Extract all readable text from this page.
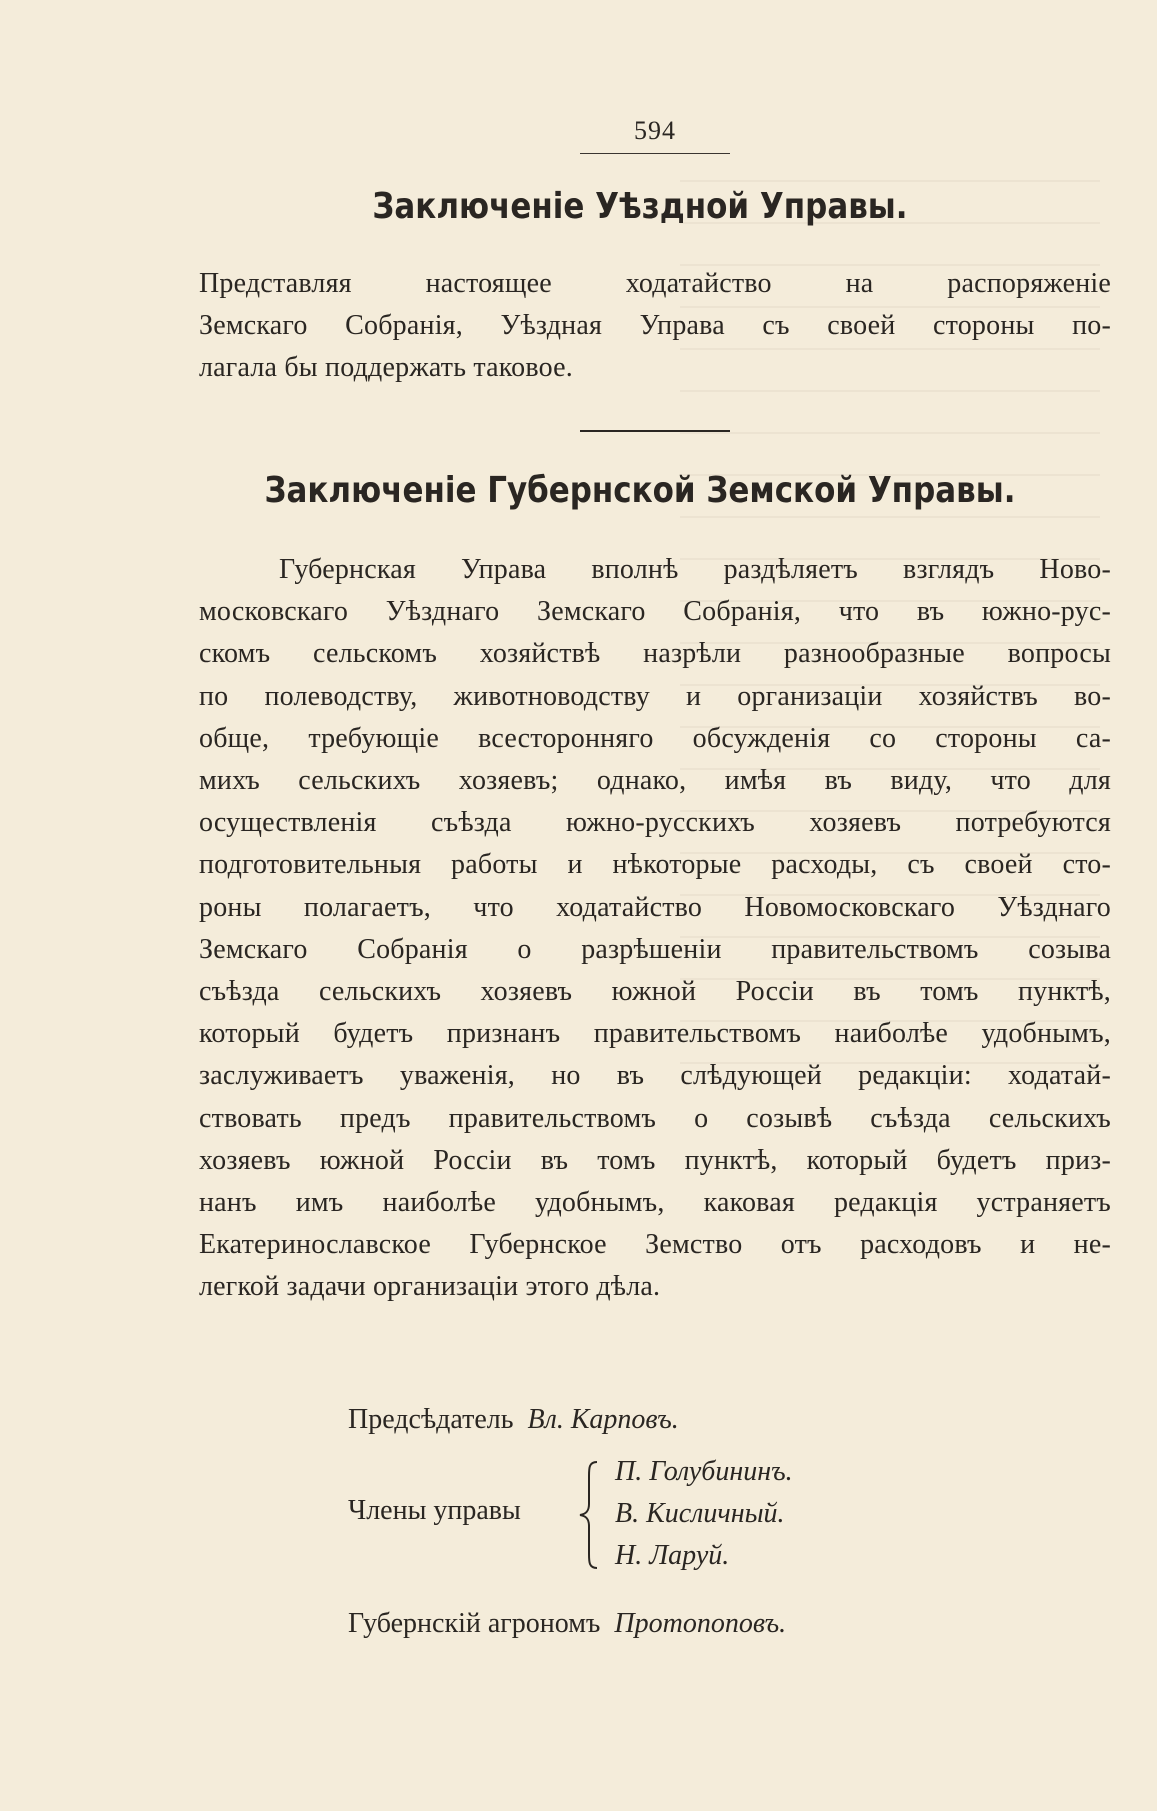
594
Заключеніе Уѣздной Управы.
Представляя настоящее ходатайство на распоряженіе
Земскаго Собранія, Уѣздная Управа съ своей стороны по-
лагала бы поддержать таковое.
Заключенiе Губернской Земской Управы.
Губернская Управа вполнѣ раздѣляетъ взглядъ Ново-
московскаго Уѣзднаго Земскаго Собранія, что въ южно-рус-
скомъ сельскомъ хозяйствѣ назрѣли разнообразные вопросы
по полеводству, животноводству и организаціи хозяйствъ во-
обще, требующіе всесторонняго обсужденія со стороны са-
михъ сельскихъ хозяевъ; однако, имѣя въ виду, что для
осуществленія съѣзда южно-русскихъ хозяевъ потребуются
подготовительныя работы и нѣкоторые расходы, съ своей сто-
роны полагаетъ, что ходатайство Новомосковскаго Уѣзднаго
Земскаго Собранія о разрѣшеніи правительствомъ созыва
съѣзда сельскихъ хозяевъ южной Россіи въ томъ пунктѣ,
который будетъ признанъ правительствомъ наиболѣе удобнымъ,
заслуживаетъ уваженія, но въ слѣдующей редакціи: ходатай-
ствовать предъ правительствомъ о созывѣ съѣзда сельскихъ
хозяевъ южной Россіи въ томъ пунктѣ, который будетъ приз-
нанъ имъ наиболѣе удобнымъ, каковая редакція устраняетъ
Екатеринославское Губернское Земство отъ расходовъ и не-
легкой задачи организаціи этого дѣла.
Предсѣдатель Вл. Карповъ.
Члены управы
П. Голубининъ.
В. Кисличный.
Н. Ларуй.
Губернскій агрономъ Протопоповъ.
